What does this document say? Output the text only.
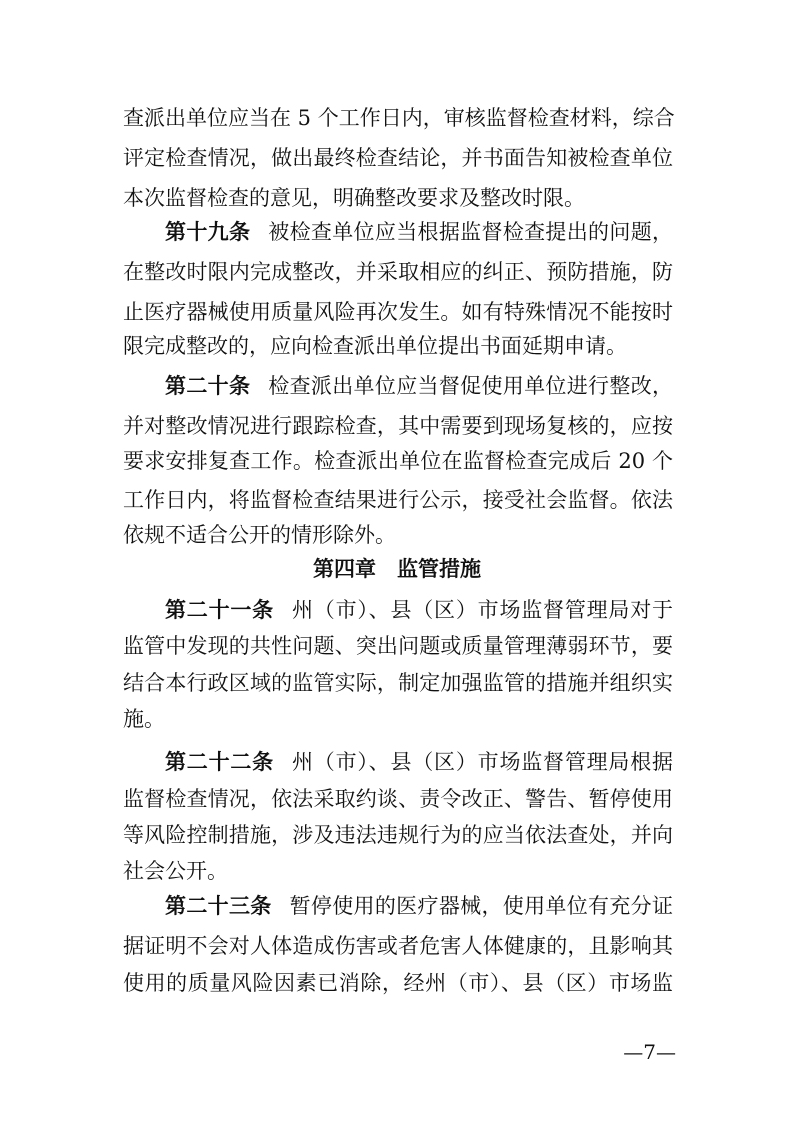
查派出单位应当在 5 个工作日内，审核监督检查材料，综合
评定检查情况，做出最终检查结论，并书面告知被检查单位
本次监督检查的意见，明确整改要求及整改时限。
第十九条 被检查单位应当根据监督检查提出的问题，
在整改时限内完成整改，并采取相应的纠正、预防措施，防
止医疗器械使用质量风险再次发生。如有特殊情况不能按时
限完成整改的，应向检查派出单位提出书面延期申请。
第二十条 检查派出单位应当督促使用单位进行整改，
并对整改情况进行跟踪检查，其中需要到现场复核的，应按
要求安排复查工作。检查派出单位在监督检查完成后 20 个
工作日内，将监督检查结果进行公示，接受社会监督。依法
依规不适合公开的情形除外。
第四章　监管措施
第二十一条 州（市）、县（区）市场监督管理局对于
监管中发现的共性问题、突出问题或质量管理薄弱环节，要
结合本行政区域的监管实际，制定加强监管的措施并组织实
施。
第二十二条 州（市）、县（区）市场监督管理局根据
监督检查情况，依法采取约谈、责令改正、警告、暂停使用
等风险控制措施，涉及违法违规行为的应当依法查处，并向
社会公开。
第二十三条 暂停使用的医疗器械，使用单位有充分证
据证明不会对人体造成伤害或者危害人体健康的，且影响其
使用的质量风险因素已消除，经州（市）、县（区）市场监
—7—
